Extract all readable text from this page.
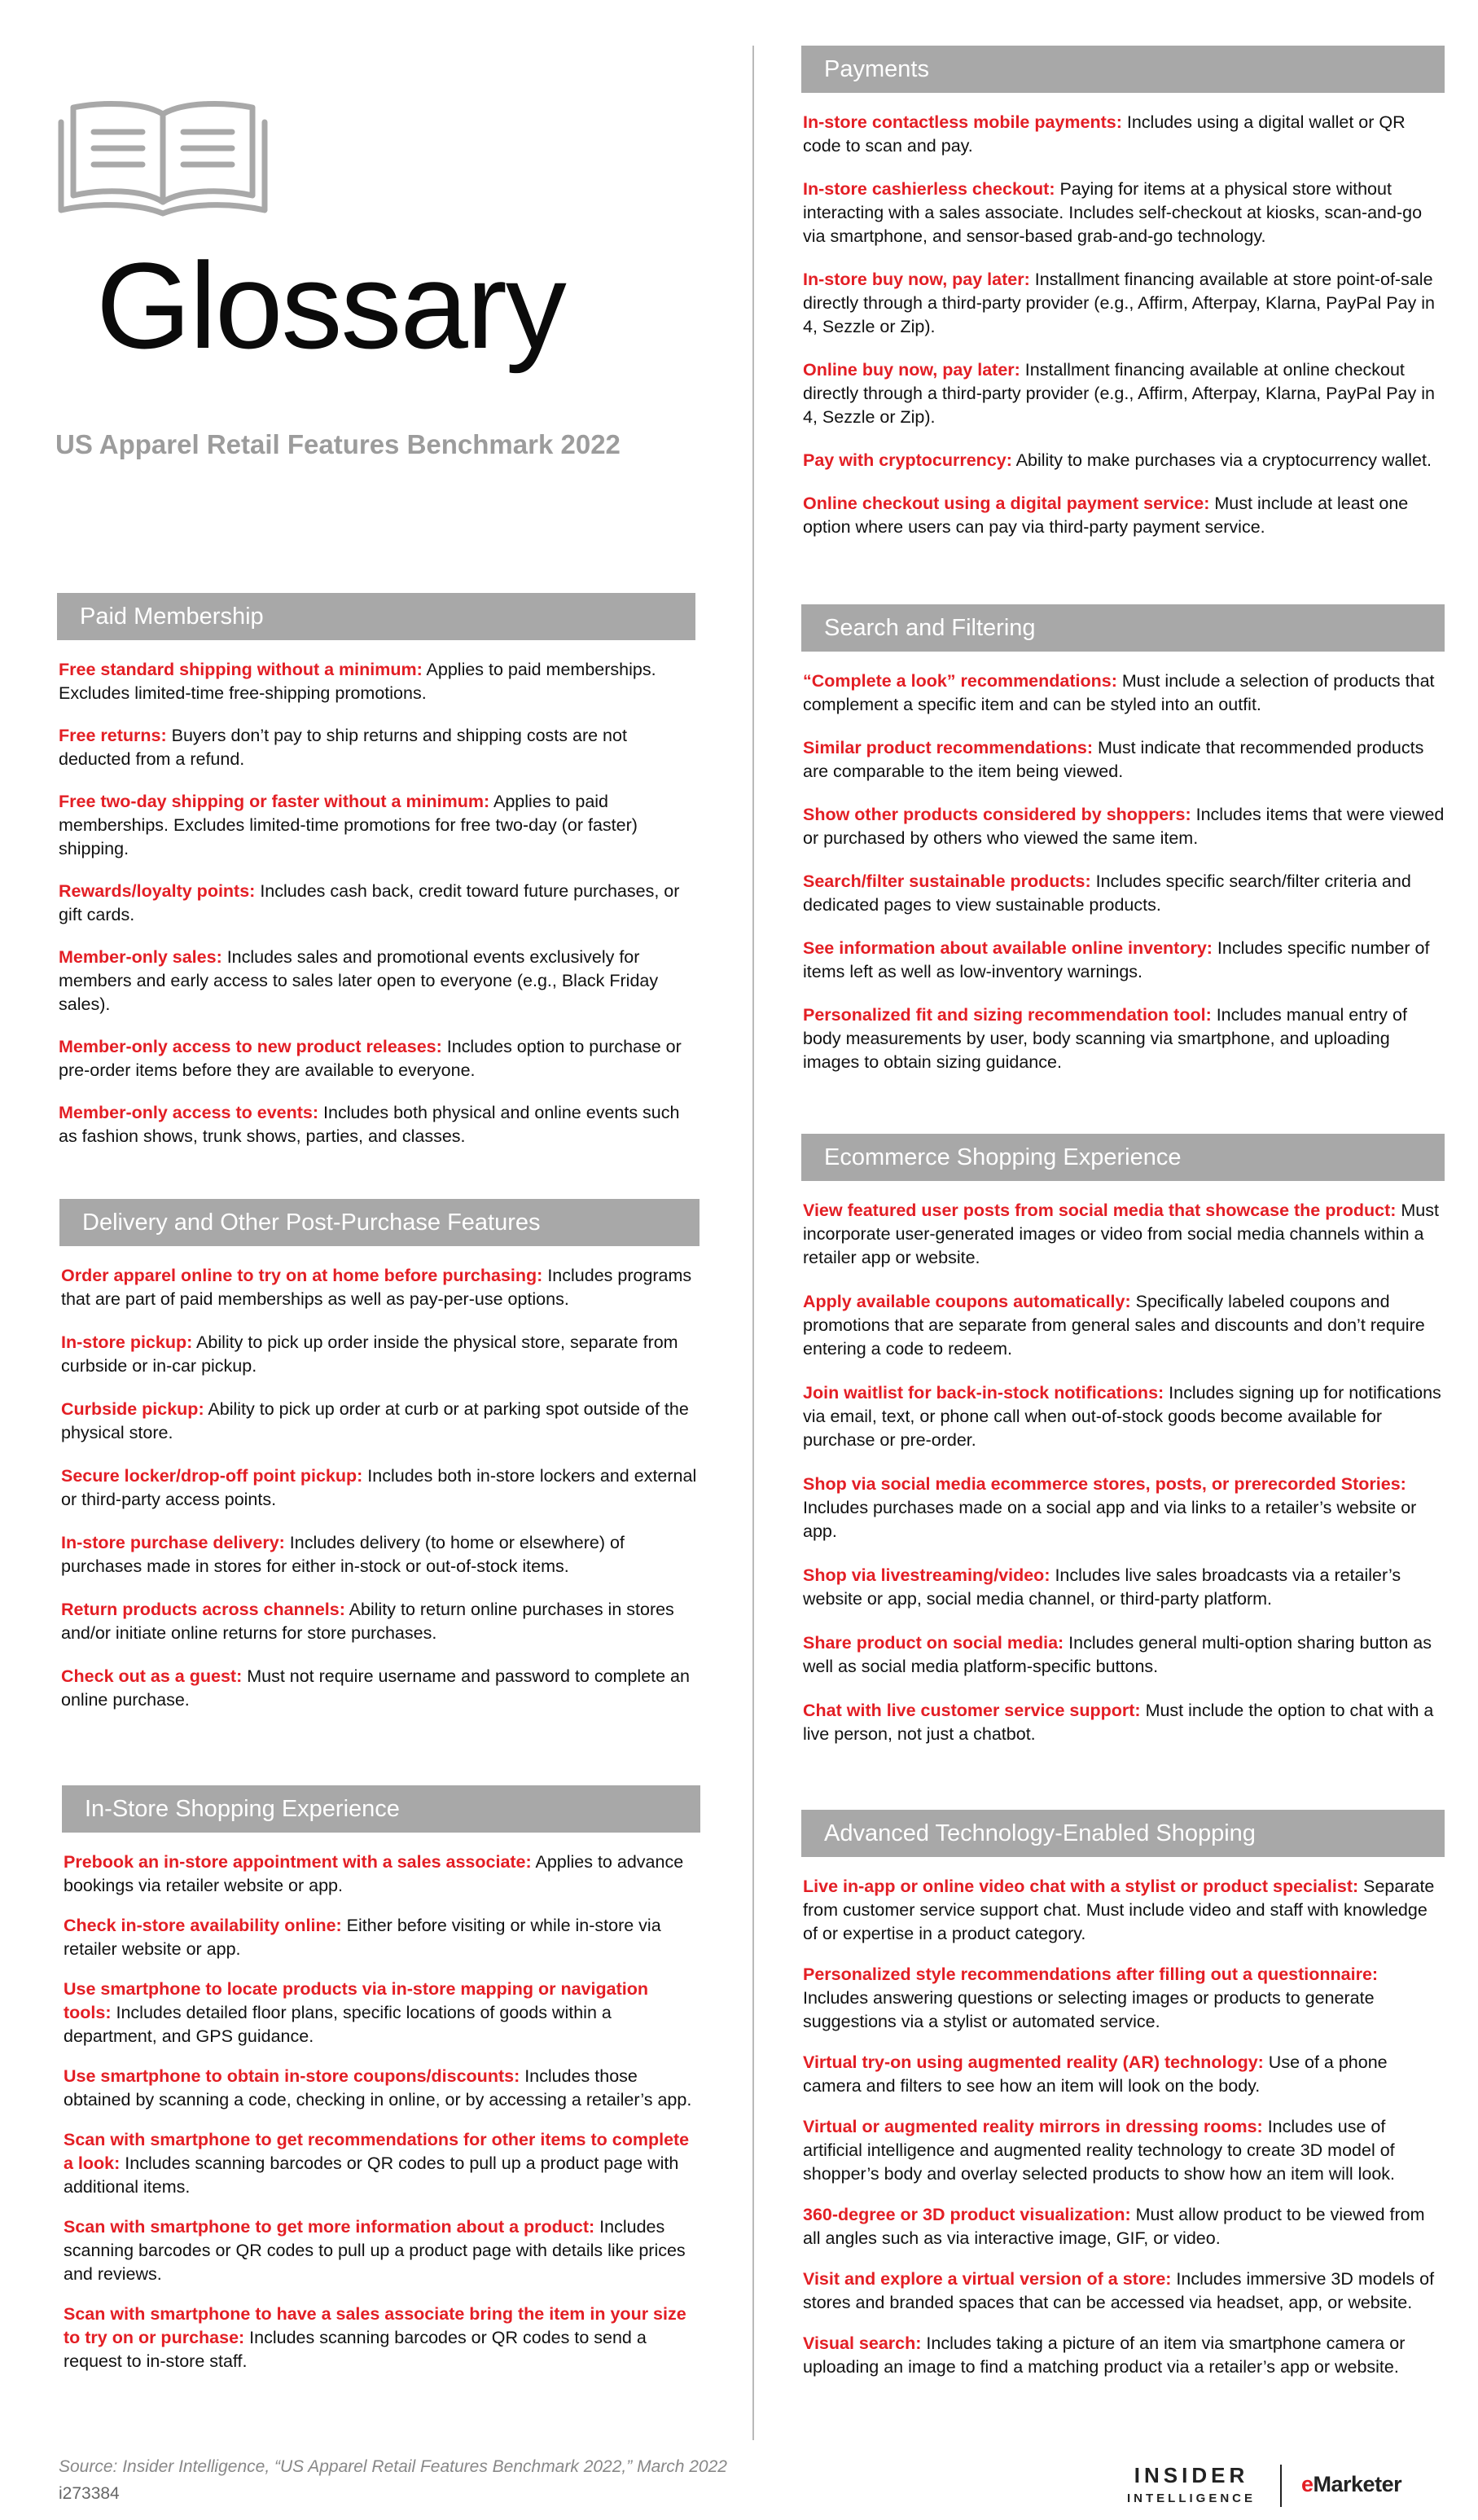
Glossary
US Apparel Retail Features Benchmark 2022
Paid Membership

Free standard shipping without a minimum: Applies to paid memberships. Excludes limited-time free-shipping promotions.

Free returns: Buyers don’t pay to ship returns and shipping costs are not deducted from a refund.

Free two-day shipping or faster without a minimum: Applies to paid memberships. Excludes limited-time promotions for free two-day (or faster) shipping.

Rewards/loyalty points: Includes cash back, credit toward future purchases, or gift cards.

Member-only sales: Includes sales and promotional events exclusively for members and early access to sales later open to everyone (e.g., Black Friday sales).

Member-only access to new product releases: Includes option to purchase or pre-order items before they are available to everyone.

Member-only access to events: Includes both physical and online events such as fashion shows, trunk shows, parties, and classes.

Delivery and Other Post-Purchase Features

Order apparel online to try on at home before purchasing: Includes programs that are part of paid memberships as well as pay-per-use options.

In-store pickup: Ability to pick up order inside the physical store, separate from curbside or in-car pickup.

Curbside pickup: Ability to pick up order at curb or at parking spot outside of the physical store.

Secure locker/drop-off point pickup: Includes both in-store lockers and external or third-party access points.

In-store purchase delivery: Includes delivery (to home or elsewhere) of purchases made in stores for either in-stock or out-of-stock items.

Return products across channels: Ability to return online purchases in stores and/or initiate online returns for store purchases.

Check out as a guest: Must not require username and password to complete an online purchase.

In-Store Shopping Experience

Prebook an in-store appointment with a sales associate: Applies to advance bookings via retailer website or app.

Check in-store availability online: Either before visiting or while in-store via retailer website or app.

Use smartphone to locate products via in-store mapping or navigation tools: Includes detailed floor plans, specific locations of goods within a department, and GPS guidance.

Use smartphone to obtain in-store coupons/discounts: Includes those obtained by scanning a code, checking in online, or by accessing a retailer’s app.

Scan with smartphone to get recommendations for other items to complete a look: Includes scanning barcodes or QR codes to pull up a product page with additional items.

Scan with smartphone to get more information about a product: Includes scanning barcodes or QR codes to pull up a product page with details like prices and reviews.

Scan with smartphone to have a sales associate bring the item in your size to try on or purchase: Includes scanning barcodes or QR codes to send a request to in-store staff.

Payments

In-store contactless mobile payments: Includes using a digital wallet or QR code to scan and pay.

In-store cashierless checkout: Paying for items at a physical store without interacting with a sales associate. Includes self-checkout at kiosks, scan-and-go via smartphone, and sensor-based grab-and-go technology.

In-store buy now, pay later: Installment financing available at store point-of-sale directly through a third-party provider (e.g., Affirm, Afterpay, Klarna, PayPal Pay in 4, Sezzle or Zip).

Online buy now, pay later: Installment financing available at online checkout directly through a third-party provider (e.g., Affirm, Afterpay, Klarna, PayPal Pay in 4, Sezzle or Zip).

Pay with cryptocurrency: Ability to make purchases via a cryptocurrency wallet.

Online checkout using a digital payment service: Must include at least one option where users can pay via third-party payment service.

Search and Filtering

“Complete a look” recommendations: Must include a selection of products that complement a specific item and can be styled into an outfit.

Similar product recommendations: Must indicate that recommended products are comparable to the item being viewed.

Show other products considered by shoppers: Includes items that were viewed or purchased by others who viewed the same item.

Search/filter sustainable products: Includes specific search/filter criteria and dedicated pages to view sustainable products.

See information about available online inventory: Includes specific number of items left as well as low-inventory warnings.

Personalized fit and sizing recommendation tool: Includes manual entry of body measurements by user, body scanning via smartphone, and uploading images to obtain sizing guidance.

Ecommerce Shopping Experience

View featured user posts from social media that showcase the product: Must incorporate user-generated images or video from social media channels within a retailer app or website.

Apply available coupons automatically: Specifically labeled coupons and promotions that are separate from general sales and discounts and don’t require entering a code to redeem.

Join waitlist for back-in-stock notifications: Includes signing up for notifications via email, text, or phone call when out-of-stock goods become available for purchase or pre-order.

Shop via social media ecommerce stores, posts, or prerecorded Stories: Includes purchases made on a social app and via links to a retailer’s website or app.

Shop via livestreaming/video: Includes live sales broadcasts via a retailer’s website or app, social media channel, or third-party platform.

Share product on social media: Includes general multi-option sharing button as well as social media platform-specific buttons.

Chat with live customer service support: Must include the option to chat with a live person, not just a chatbot.

Advanced Technology-Enabled Shopping

Live in-app or online video chat with a stylist or product specialist: Separate from customer service support chat. Must include video and staff with knowledge of or expertise in a product category.

Personalized style recommendations after filling out a questionnaire: Includes answering questions or selecting images or products to generate suggestions via a stylist or automated service.

Virtual try-on using augmented reality (AR) technology: Use of a phone camera and filters to see how an item will look on the body.

Virtual or augmented reality mirrors in dressing rooms: Includes use of artificial intelligence and augmented reality technology to create 3D model of shopper’s body and overlay selected products to show how an item will look.

360-degree or 3D product visualization: Must allow product to be viewed from all angles such as via interactive image, GIF, or video.

Visit and explore a virtual version of a store: Includes immersive 3D models of stores and branded spaces that can be accessed via headset, app, or website.

Visual search: Includes taking a picture of an item via smartphone camera or uploading an image to find a matching product via a retailer’s app or website.

Source: Insider Intelligence, “US Apparel Retail Features Benchmark 2022,” March 2022
i273384
INSIDER
INTELLIGENCE
eMarketer
